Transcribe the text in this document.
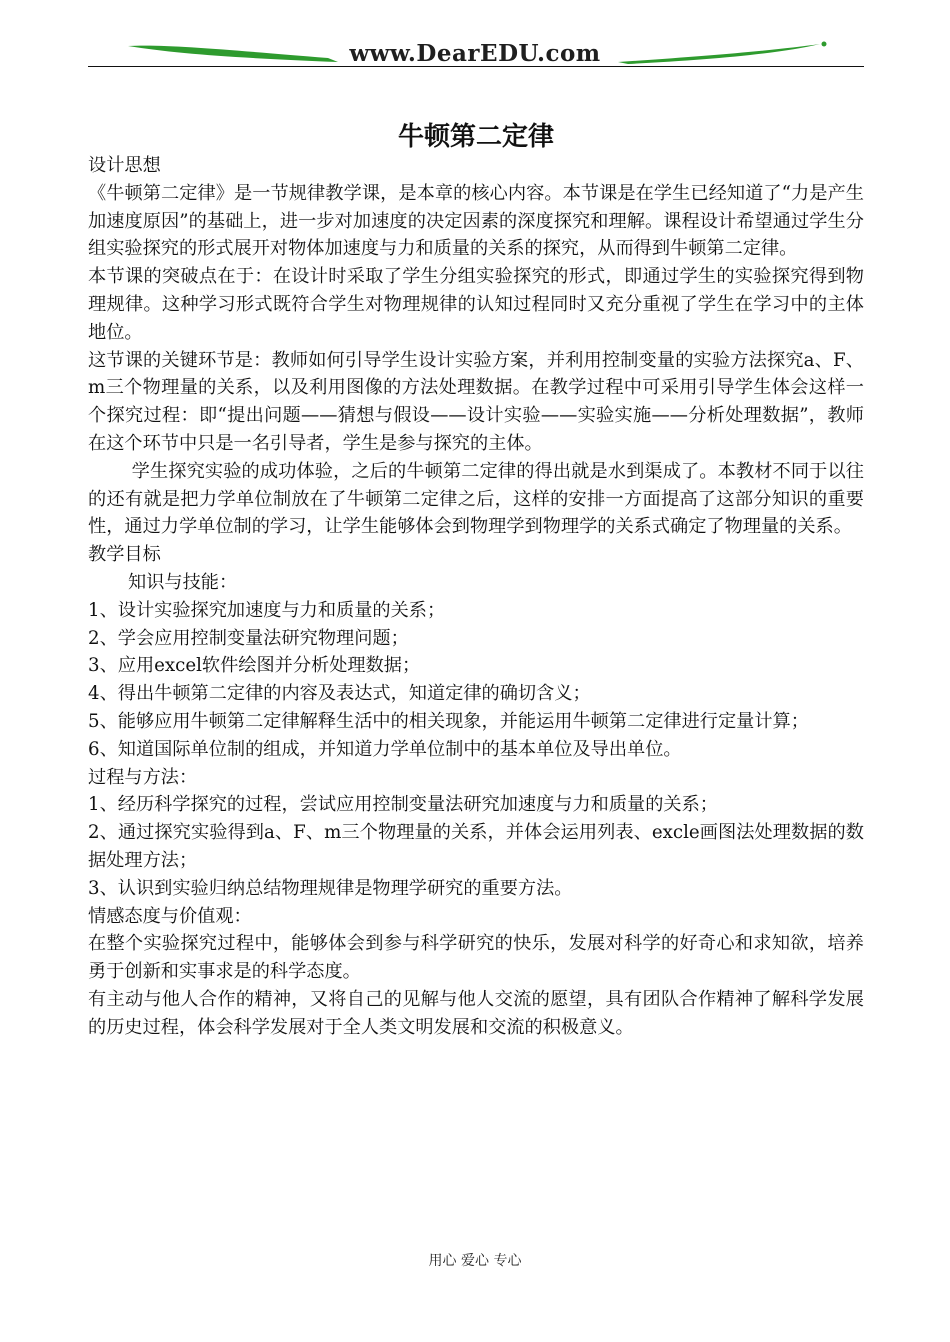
www.DearEDU.com
牛顿第二定律

设计思想

《牛顿第二定律》是一节规律教学课，是本章的核心内容。本节课是在学生已经知道了“力是产生加速度原因”的基础上，进一步对加速度的决定因素的深度探究和理解。课程设计希望通过学生分组实验探究的形式展开对物体加速度与力和质量的关系的探究，从而得到牛顿第二定律。

本节课的突破点在于：在设计时采取了学生分组实验探究的形式，即通过学生的实验探究得到物理规律。这种学习形式既符合学生对物理规律的认知过程同时又充分重视了学生在学习中的主体地位。

这节课的关键环节是：教师如何引导学生设计实验方案，并利用控制变量的实验方法探究a、F、m三个物理量的关系，以及利用图像的方法处理数据。在教学过程中可采用引导学生体会这样一个探究过程：即“提出问题——猜想与假设——设计实验——实验实施——分析处理数据”，教师在这个环节中只是一名引导者，学生是参与探究的主体。

学生探究实验的成功体验，之后的牛顿第二定律的得出就是水到渠成了。本教材不同于以往的还有就是把力学单位制放在了牛顿第二定律之后，这样的安排一方面提高了这部分知识的重要性，通过力学单位制的学习，让学生能够体会到物理学到物理学的关系式确定了物理量的关系。

教学目标

知识与技能：

1、设计实验探究加速度与力和质量的关系；

2、学会应用控制变量法研究物理问题；

3、应用excel软件绘图并分析处理数据；

4、得出牛顿第二定律的内容及表达式，知道定律的确切含义；

5、能够应用牛顿第二定律解释生活中的相关现象，并能运用牛顿第二定律进行定量计算；

6、知道国际单位制的组成，并知道力学单位制中的基本单位及导出单位。

过程与方法：

1、经历科学探究的过程，尝试应用控制变量法研究加速度与力和质量的关系；

2、通过探究实验得到a、F、m三个物理量的关系，并体会运用列表、excle画图法处理数据的数据处理方法；

3、认识到实验归纳总结物理规律是物理学研究的重要方法。

情感态度与价值观：

在整个实验探究过程中，能够体会到参与科学研究的快乐，发展对科学的好奇心和求知欲，培养勇于创新和实事求是的科学态度。

有主动与他人合作的精神，又将自己的见解与他人交流的愿望，具有团队合作精神了解科学发展的历史过程，体会科学发展对于全人类文明发展和交流的积极意义。

用心 爱心 专心
